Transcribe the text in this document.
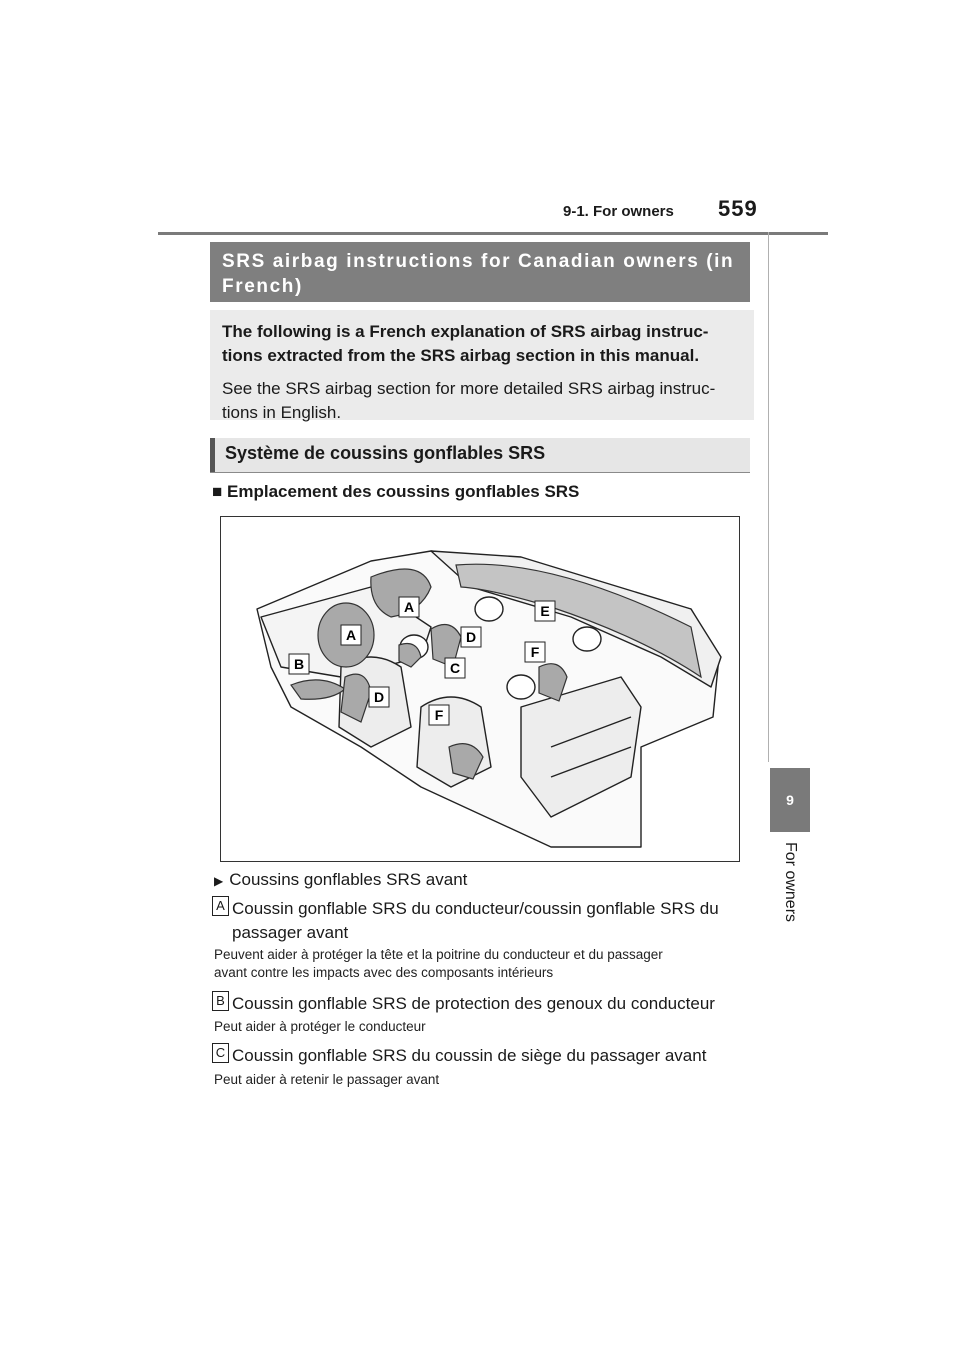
9-1. For owners 559
9
For owners
SRS airbag instructions for Canadian owners (in
French)

The following is a French explanation of SRS airbag instruc-
tions extracted from the SRS airbag section in this manual.

See the SRS airbag section for more detailed SRS airbag instruc-
tions in English.

Système de coussins gonflables SRS
■ Emplacement des coussins gonflables SRS
A	E
A	D
B
F
C
D
F
▶ Coussins gonflables SRS avant
A Coussin gonflable SRS du conducteur/coussin gonflable SRS du
passager avant
Peuvent aider à protéger la tête et la poitrine du conducteur et du passager
avant contre les impacts avec des composants intérieurs
B Coussin gonflable SRS de protection des genoux du conducteur
Peut aider à protéger le conducteur
C Coussin gonflable SRS du coussin de siège du passager avant
Peut aider à retenir le passager avant
